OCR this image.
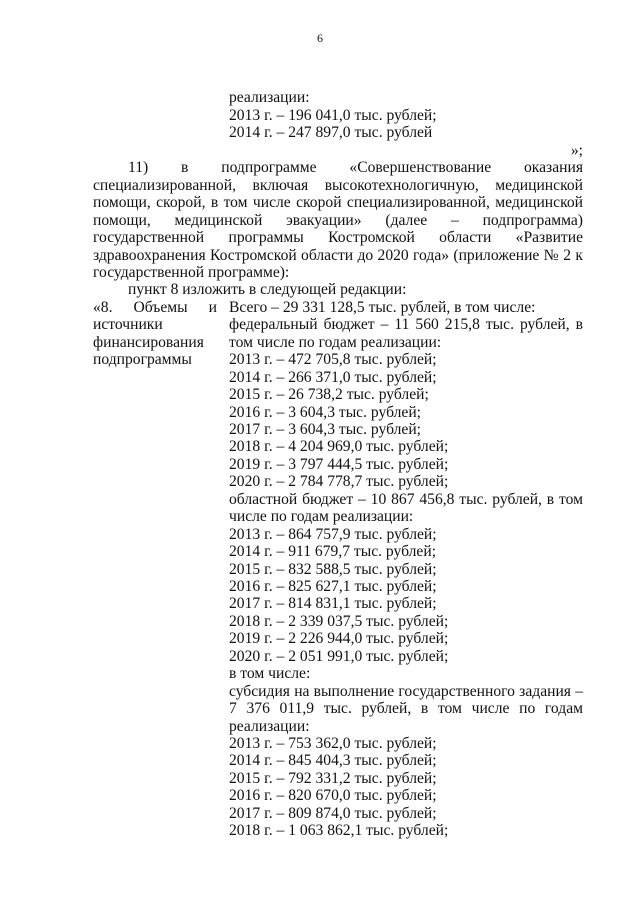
6
реализации:
2013 г. – 196 041,0 тыс. рублей;
2014 г. – 247 897,0 тыс. рублей
»;
11) в подпрограмме «Совершенствование оказания
специализированной, включая высокотехнологичную, медицинской
помощи, скорой, в том числе скорой специализированной, медицинской
помощи, медицинской эвакуации» (далее – подпрограмма)
государственной программы Костромской области «Развитие
здравоохранения Костромской области до 2020 года» (приложение № 2 к
государственной программе):
пункт 8 изложить в следующей редакции:
«8. Объемы и
источники
финансирования
подпрограммы
Всего – 29 331 128,5 тыс. рублей, в том числе:
федеральный бюджет – 11 560 215,8 тыс. рублей, в
том числе по годам реализации:
2013 г. – 472 705,8 тыс. рублей;
2014 г. – 266 371,0 тыс. рублей;
2015 г. – 26 738,2 тыс. рублей;
2016 г. – 3 604,3 тыс. рублей;
2017 г. – 3 604,3 тыс. рублей;
2018 г. – 4 204 969,0 тыс. рублей;
2019 г. – 3 797 444,5 тыс. рублей;
2020 г. – 2 784 778,7 тыс. рублей;
областной бюджет – 10 867 456,8 тыс. рублей, в том
числе по годам реализации:
2013 г. – 864 757,9 тыс. рублей;
2014 г. – 911 679,7 тыс. рублей;
2015 г. – 832 588,5 тыс. рублей;
2016 г. – 825 627,1 тыс. рублей;
2017 г. – 814 831,1 тыс. рублей;
2018 г. – 2 339 037,5 тыс. рублей;
2019 г. – 2 226 944,0 тыс. рублей;
2020 г. – 2 051 991,0 тыс. рублей;
в том числе:
субсидия на выполнение государственного задания –
7 376 011,9 тыс. рублей, в том числе по годам
реализации:
2013 г. – 753 362,0 тыс. рублей;
2014 г. – 845 404,3 тыс. рублей;
2015 г. – 792 331,2 тыс. рублей;
2016 г. – 820 670,0 тыс. рублей;
2017 г. – 809 874,0 тыс. рублей;
2018 г. – 1 063 862,1 тыс. рублей;
